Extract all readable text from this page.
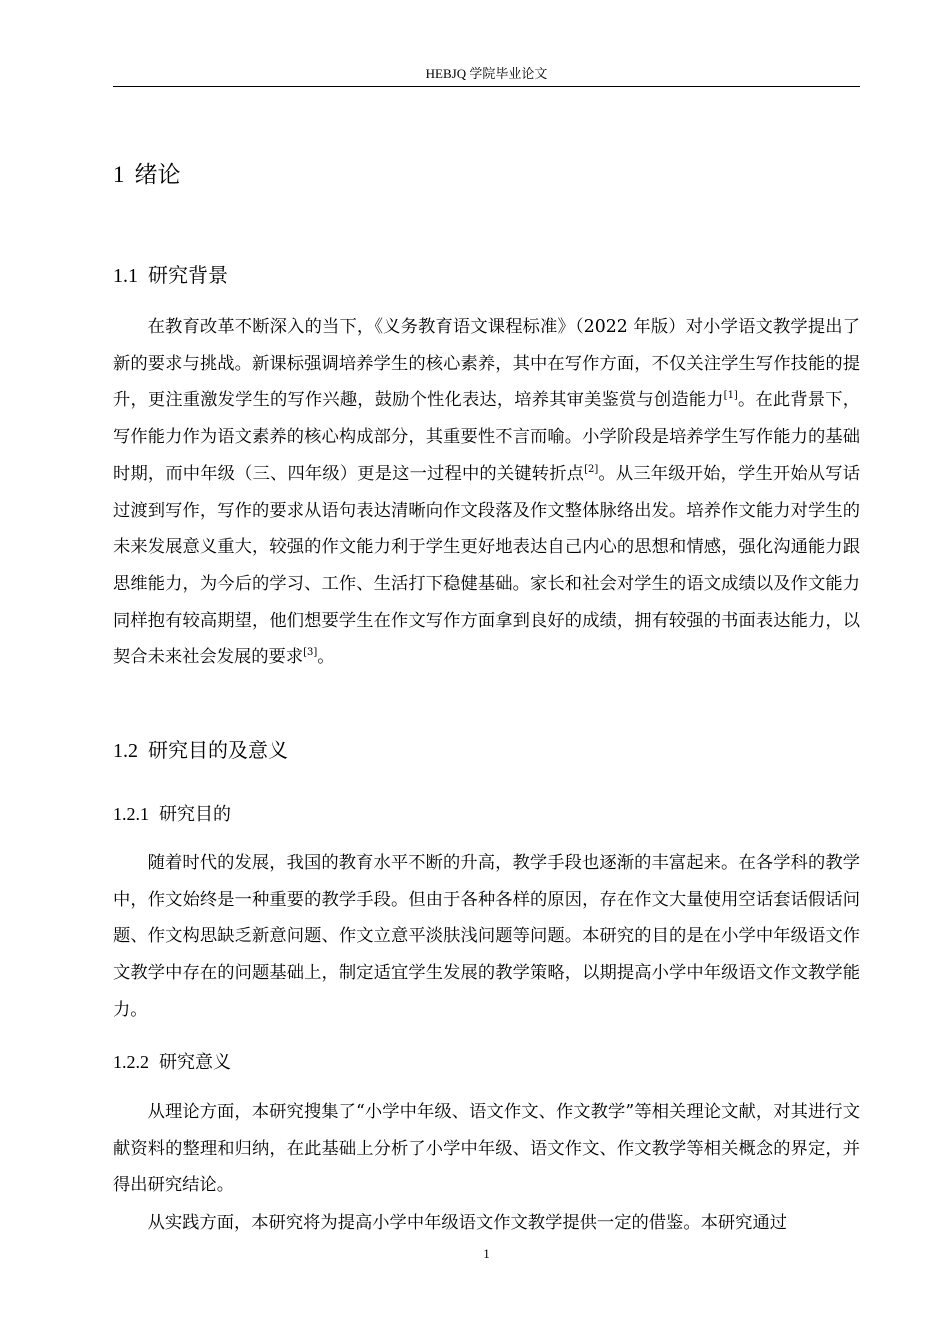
HEBJQ 学院毕业论文
1 绪论
1.1 研究背景

在教育改革不断深入的当下，《义务教育语文课程标准》（2022 年版）对小学语文教学提出了新的要求与挑战。新课标强调培养学生的核心素养，其中在写作方面，不仅关注学生写作技能的提升，更注重激发学生的写作兴趣，鼓励个性化表达，培养其审美鉴赏与创造能力[1]。在此背景下，写作能力作为语文素养的核心构成部分，其重要性不言而喻。小学阶段是培养学生写作能力的基础时期，而中年级（三、四年级）更是这一过程中的关键转折点[2]。从三年级开始，学生开始从写话过渡到写作，写作的要求从语句表达清晰向作文段落及作文整体脉络出发。培养作文能力对学生的未来发展意义重大，较强的作文能力利于学生更好地表达自己内心的思想和情感，强化沟通能力跟思维能力，为今后的学习、工作、生活打下稳健基础。家长和社会对学生的语文成绩以及作文能力同样抱有较高期望，他们想要学生在作文写作方面拿到良好的成绩，拥有较强的书面表达能力，以契合未来社会发展的要求[3]。

1.2 研究目的及意义
1.2.1 研究目的

随着时代的发展，我国的教育水平不断的升高，教学手段也逐渐的丰富起来。在各学科的教学中，作文始终是一种重要的教学手段。但由于各种各样的原因，存在作文大量使用空话套话假话问题、作文构思缺乏新意问题、作文立意平淡肤浅问题等问题。本研究的目的是在小学中年级语文作文教学中存在的问题基础上，制定适宜学生发展的教学策略，以期提高小学中年级语文作文教学能力。

1.2.2 研究意义

从理论方面，本研究搜集了“小学中年级、语文作文、作文教学”等相关理论文献，对其进行文献资料的整理和归纳，在此基础上分析了小学中年级、语文作文、作文教学等相关概念的界定，并得出研究结论。

从实践方面，本研究将为提高小学中年级语文作文教学提供一定的借鉴。本研究通过

1
